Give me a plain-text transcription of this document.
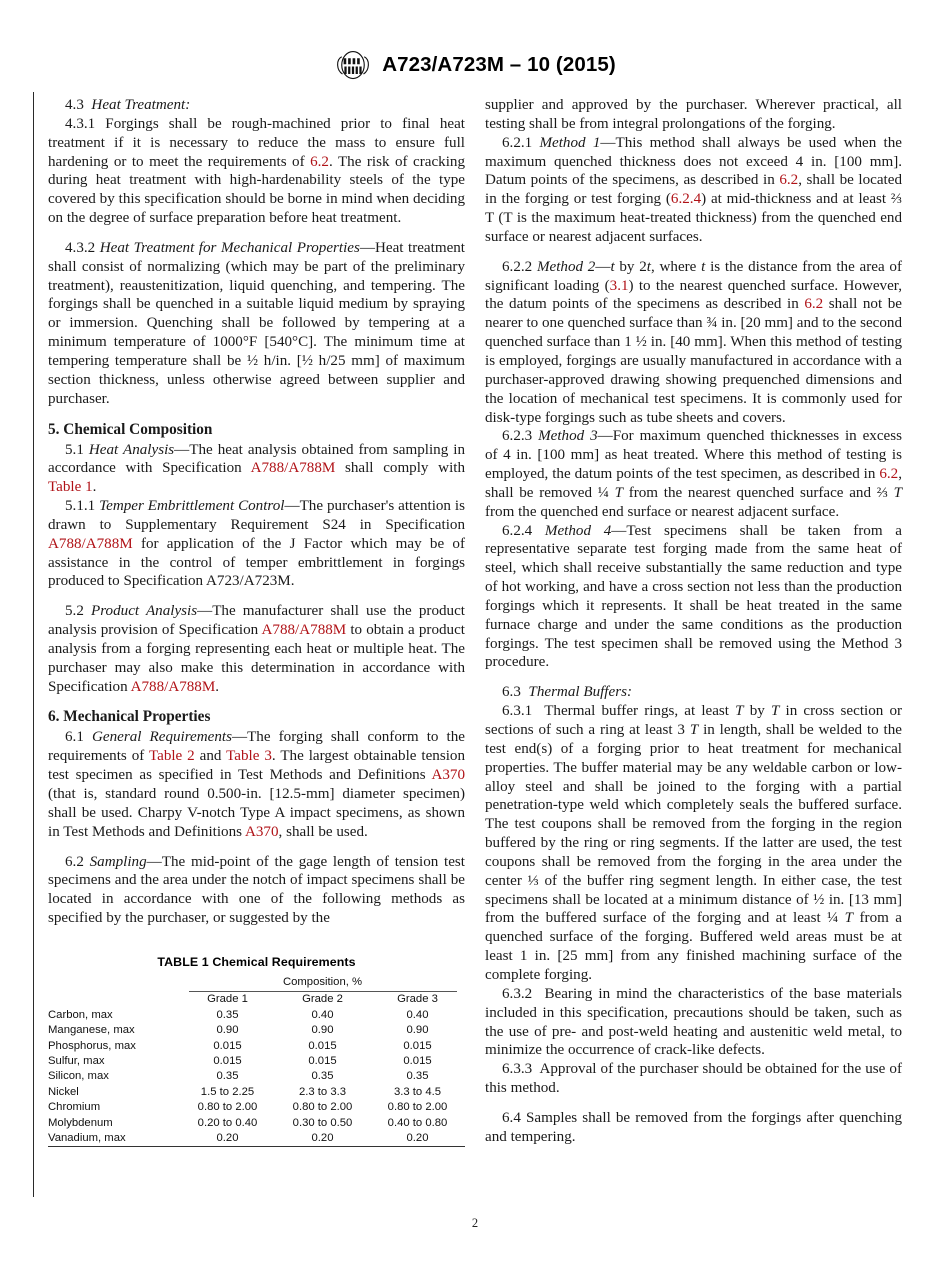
A723/A723M – 10 (2015)

4.3 Heat Treatment:

4.3.1 Forgings shall be rough-machined prior to final heat treatment if it is necessary to reduce the mass to ensure full hardening or to meet the requirements of 6.2. The risk of cracking during heat treatment with high-hardenability steels of the type covered by this specification should be borne in mind when deciding on the degree of surface preparation before heat treatment.

4.3.2 Heat Treatment for Mechanical Properties—Heat treatment shall consist of normalizing (which may be part of the preliminary treatment), reaustenitization, liquid quenching, and tempering. The forgings shall be quenched in a suitable liquid medium by spraying or immersion. Quenching shall be followed by tempering at a minimum temperature of 1000°F [540°C]. The minimum time at tempering temperature shall be ½ h/in. [½ h/25 mm] of maximum section thickness, unless otherwise agreed between supplier and purchaser.

5. Chemical Composition

5.1 Heat Analysis—The heat analysis obtained from sampling in accordance with Specification A788/A788M shall comply with Table 1.

5.1.1 Temper Embrittlement Control—The purchaser's attention is drawn to Supplementary Requirement S24 in Specification A788/A788M for application of the J Factor which may be of assistance in the control of temper embrittlement in forgings produced to Specification A723/A723M.

5.2 Product Analysis—The manufacturer shall use the product analysis provision of Specification A788/A788M to obtain a product analysis from a forging representing each heat or multiple heat. The purchaser may also make this determination in accordance with Specification A788/A788M.

6. Mechanical Properties

6.1 General Requirements—The forging shall conform to the requirements of Table 2 and Table 3. The largest obtainable tension test specimen as specified in Test Methods and Definitions A370 (that is, standard round 0.500-in. [12.5-mm] diameter specimen) shall be used. Charpy V-notch Type A impact specimens, as shown in Test Methods and Definitions A370, shall be used.

6.2 Sampling—The mid-point of the gage length of tension test specimens and the area under the notch of impact specimens shall be located in accordance with one of the following methods as specified by the purchaser, or suggested by the

TABLE 1 Chemical Requirements
	Composition, %		
	Grade 1	Grade 2	Grade 3
Carbon, max	0.35	0.40	0.40
Manganese, max	0.90	0.90	0.90
Phosphorus, max	0.015	0.015	0.015
Sulfur, max	0.015	0.015	0.015
Silicon, max	0.35	0.35	0.35
Nickel	1.5 to 2.25	2.3 to 3.3	3.3 to 4.5
Chromium	0.80 to 2.00	0.80 to 2.00	0.80 to 2.00
Molybdenum	0.20 to 0.40	0.30 to 0.50	0.40 to 0.80
Vanadium, max	0.20	0.20	0.20

supplier and approved by the purchaser. Wherever practical, all testing shall be from integral prolongations of the forging.

6.2.1 Method 1—This method shall always be used when the maximum quenched thickness does not exceed 4 in. [100 mm]. Datum points of the specimens, as described in 6.2, shall be located in the forging or test forging (6.2.4) at mid-thickness and at least ⅔ T (T is the maximum heat-treated thickness) from the quenched end surface or nearest adjacent surfaces.

6.2.2 Method 2—t by 2t, where t is the distance from the area of significant loading (3.1) to the nearest quenched surface. However, the datum points of the specimens as described in 6.2 shall not be nearer to one quenched surface than ¾ in. [20 mm] and to the second quenched surface than 1 ½ in. [40 mm]. When this method of testing is employed, forgings are usually manufactured in accordance with a purchaser-approved drawing showing prequenched dimensions and the location of mechanical test specimens. It is commonly used for disk-type forgings such as tube sheets and covers.

6.2.3 Method 3—For maximum quenched thicknesses in excess of 4 in. [100 mm] as heat treated. Where this method of testing is employed, the datum points of the test specimen, as described in 6.2, shall be removed ¼ T from the nearest quenched surface and ⅔ T from the quenched end surface or nearest adjacent surface.

6.2.4 Method 4—Test specimens shall be taken from a representative separate test forging made from the same heat of steel, which shall receive substantially the same reduction and type of hot working, and have a cross section not less than the production forgings which it represents. It shall be heat treated in the same furnace charge and under the same conditions as the production forgings. The test specimen shall be removed using the Method 3 procedure.

6.3 Thermal Buffers:

6.3.1  Thermal buffer rings, at least T by T in cross section or sections of such a ring at least 3 T in length, shall be welded to the test end(s) of a forging prior to heat treatment for mechanical properties. The buffer material may be any weldable carbon or low-alloy steel and shall be joined to the forging with a partial penetration-type weld which completely seals the buffered surface. The test coupons shall be removed from the forging in the region buffered by the ring or ring segments. If the latter are used, the test coupons shall be removed from the forging in the area under the center ⅓ of the buffer ring segment length. In either case, the test specimens shall be located at a minimum distance of ½ in. [13 mm] from the buffered surface of the forging and at least ¼ T from a quenched surface of the forging. Buffered weld areas must be at least 1 in. [25 mm] from any finished machining surface of the complete forging.

6.3.2  Bearing in mind the characteristics of the base materials included in this specification, precautions should be taken, such as the use of pre- and post-weld heating and austenitic weld metal, to minimize the occurrence of crack-like defects.

6.3.3  Approval of the purchaser should be obtained for the use of this method.

6.4 Samples shall be removed from the forgings after quenching and tempering.

2
